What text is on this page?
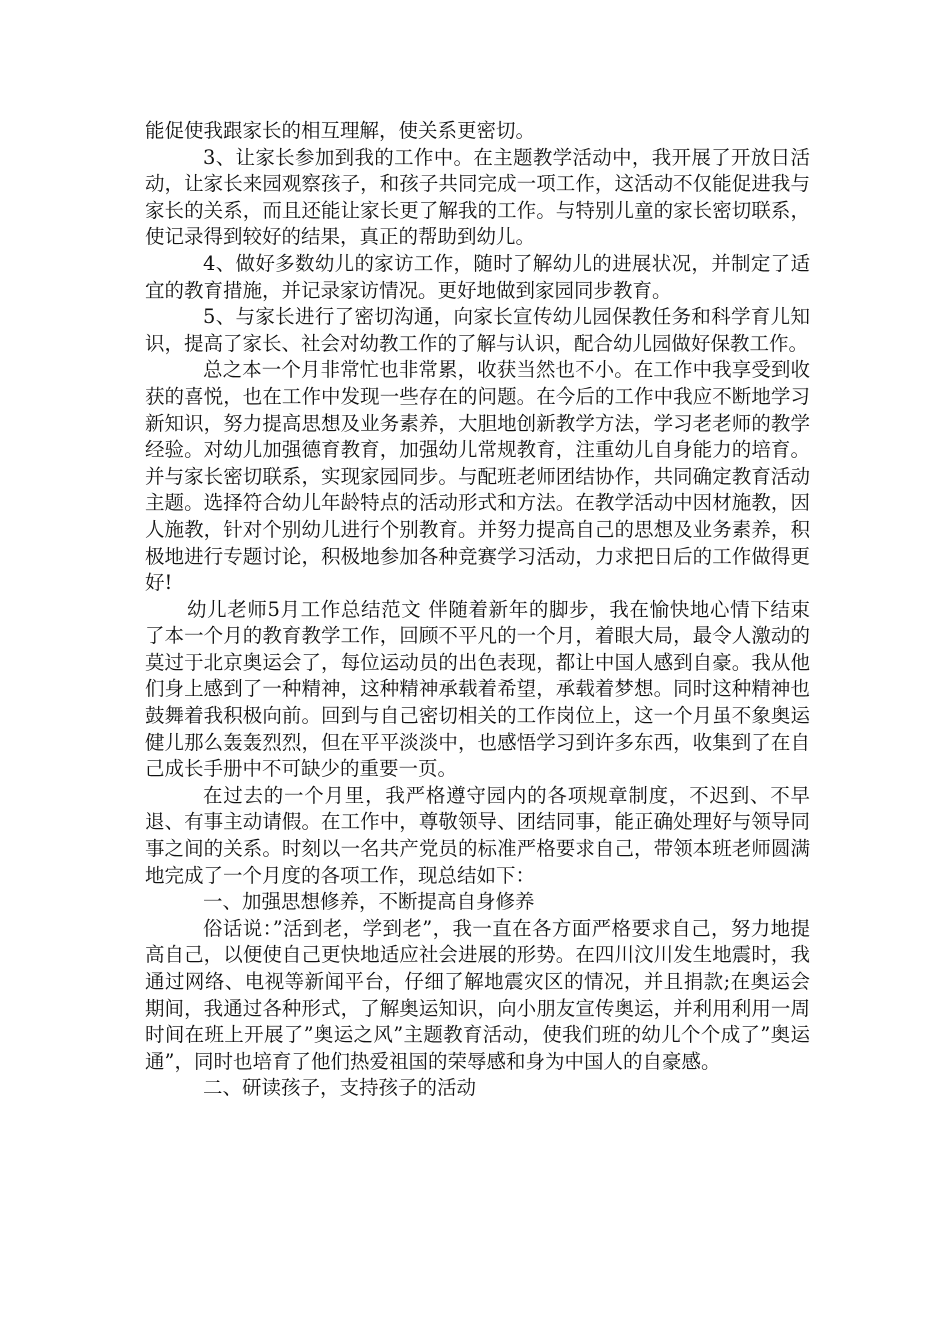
能促使我跟家长的相互理解，使关系更密切。

3、让家长参加到我的工作中。在主题教学活动中，我开展了开放日活动，让家长来园观察孩子，和孩子共同完成一项工作，这活动不仅能促进我与家长的关系，而且还能让家长更了解我的工作。与特别儿童的家长密切联系，使记录得到较好的结果，真正的帮助到幼儿。

4、做好多数幼儿的家访工作，随时了解幼儿的进展状况，并制定了适宜的教育措施，并记录家访情况。更好地做到家园同步教育。

5、与家长进行了密切沟通，向家长宣传幼儿园保教任务和科学育儿知识，提高了家长、社会对幼教工作的了解与认识，配合幼儿园做好保教工作。

总之本一个月非常忙也非常累，收获当然也不小。在工作中我享受到收获的喜悦，也在工作中发现一些存在的问题。在今后的工作中我应不断地学习新知识，努力提高思想及业务素养，大胆地创新教学方法，学习老老师的教学经验。对幼儿加强德育教育，加强幼儿常规教育，注重幼儿自身能力的培育。并与家长密切联系，实现家园同步。与配班老师团结协作，共同确定教育活动主题。选择符合幼儿年龄特点的活动形式和方法。在教学活动中因材施教，因人施教，针对个别幼儿进行个别教育。并努力提高自己的思想及业务素养，积极地进行专题讨论，积极地参加各种竞赛学习活动，力求把日后的工作做得更好!

幼儿老师5月工作总结范文 伴随着新年的脚步，我在愉快地心情下结束了本一个月的教育教学工作，回顾不平凡的一个月，着眼大局，最令人激动的莫过于北京奥运会了，每位运动员的出色表现，都让中国人感到自豪。我从他们身上感到了一种精神，这种精神承载着希望，承载着梦想。同时这种精神也鼓舞着我积极向前。回到与自己密切相关的工作岗位上，这一个月虽不象奥运健儿那么轰轰烈烈，但在平平淡淡中，也感悟学习到许多东西，收集到了在自己成长手册中不可缺少的重要一页。

在过去的一个月里，我严格遵守园内的各项规章制度，不迟到、不早退、有事主动请假。在工作中，尊敬领导、团结同事，能正确处理好与领导同事之间的关系。时刻以一名共产党员的标准严格要求自己，带领本班老师圆满地完成了一个月度的各项工作，现总结如下：

一、加强思想修养，不断提高自身修养

俗话说：”活到老，学到老”，我一直在各方面严格要求自己，努力地提高自己，以便使自己更快地适应社会进展的形势。在四川汶川发生地震时，我通过网络、电视等新闻平台，仔细了解地震灾区的情况，并且捐款;在奥运会期间，我通过各种形式，了解奥运知识，向小朋友宣传奥运，并利用利用一周时间在班上开展了”奥运之风”主题教育活动，使我们班的幼儿个个成了”奥运通”，同时也培育了他们热爱祖国的荣辱感和身为中国人的自豪感。

二、研读孩子，支持孩子的活动
